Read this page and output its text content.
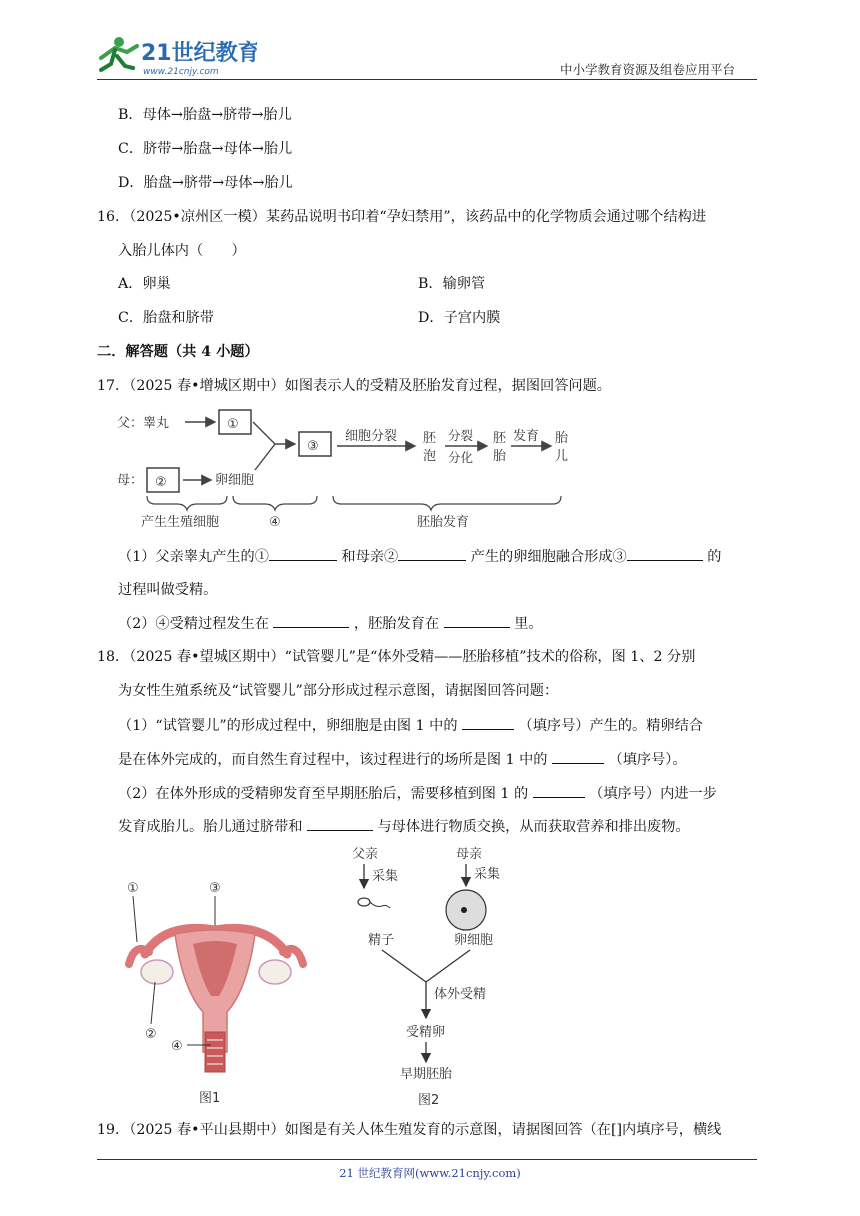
21世纪教育
www.21cnjy.com	中小学教育资源及组卷应用平台
B．母体→胎盘→脐带→胎儿
C．脐带→胎盘→母体→胎儿
D．胎盘→脐带→母体→胎儿
16．（2025•凉州区一模）某药品说明书印着“孕妇禁用”，该药品中的化学物质会通过哪个结构进
入胎儿体内（　　）
A．卵巢	B．输卵管
C．胎盘和脐带	D．子宫内膜
二．解答题（共 4 小题）
17．（2025 春•增城区期中）如图表示人的受精及胚胎发育过程，据图回答问题。
父：睾丸	①
母： ②	卵细胞
③
细胞分裂 胚
泡
分裂
分化
胚
胎
发育 胎
儿
产生生殖细胞	④	胚胎发育
（1）父亲睾丸产生的①	和母亲②	产生的卵细胞融合形成③	的
过程叫做受精。
（2）④受精过程发生在	，胚胎发育在	里。
18．（2025 春•望城区期中）“试管婴儿”是“体外受精——胚胎移植”技术的俗称，图 1、2 分别
为女性生殖系统及“试管婴儿”部分形成过程示意图，请据图回答问题：
（1）“试管婴儿”的形成过程中，卵细胞是由图 1 中的	（填序号）产生的。精卵结合
是在体外完成的，而自然生育过程中，该过程进行的场所是图 1 中的	（填序号）。
（2）在体外形成的受精卵发育至早期胚胎后，需要移植到图 1 的	（填序号）内进一步
发育成胎儿。胎儿通过脐带和	与母体进行物质交换，从而获取营养和排出废物。
①	③
②
④
图1
父亲
采集
精子
母亲
采集
卵细胞
体外受精
受精卵
早期胚胎
图2
19．（2025 春•平山县期中）如图是有关人体生殖发育的示意图，请据图回答（在[]内填序号，横线
21 世纪教育网(www.21cnjy.com)
